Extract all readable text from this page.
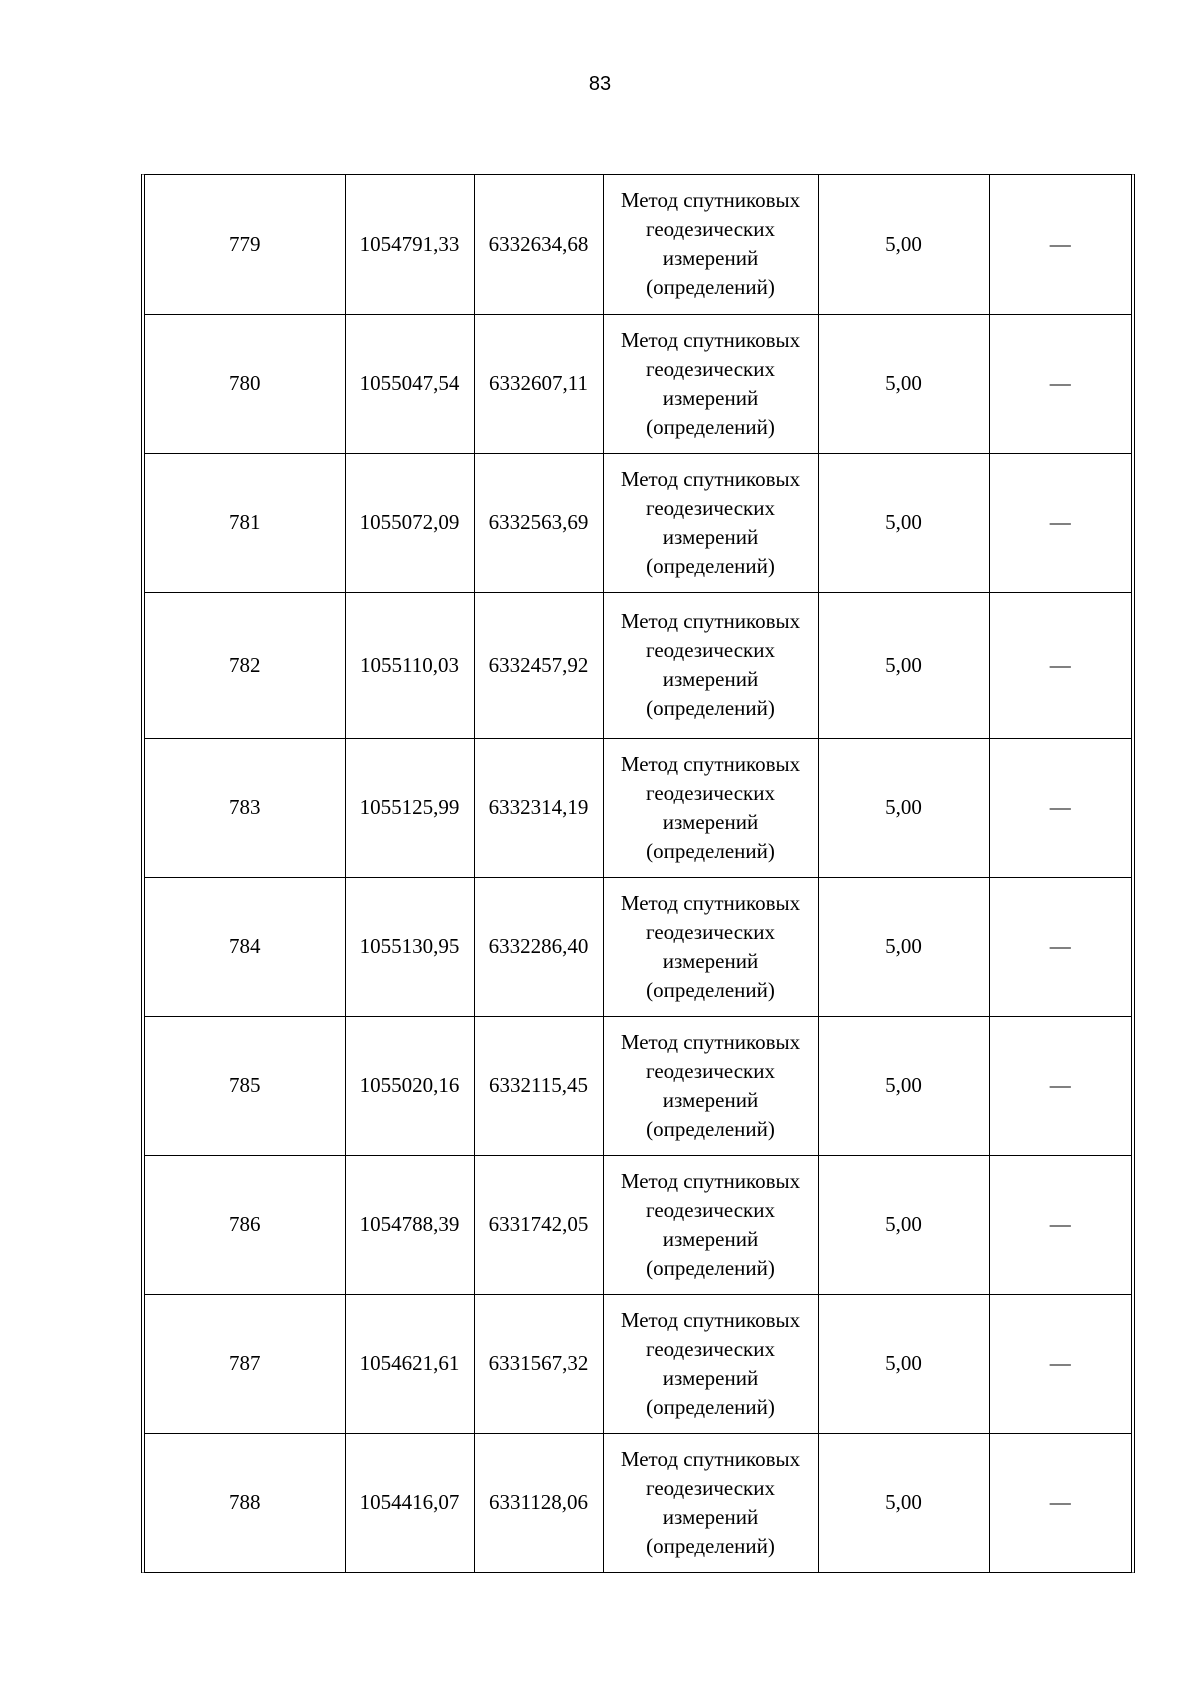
83
779	1054791,33	6332634,68	Метод спутниковых геодезических измерений (определений)	5,00	—
780	1055047,54	6332607,11	Метод спутниковых геодезических измерений (определений)	5,00	—
781	1055072,09	6332563,69	Метод спутниковых геодезических измерений (определений)	5,00	—
782	1055110,03	6332457,92	Метод спутниковых геодезических измерений (определений)	5,00	—
783	1055125,99	6332314,19	Метод спутниковых геодезических измерений (определений)	5,00	—
784	1055130,95	6332286,40	Метод спутниковых геодезических измерений (определений)	5,00	—
785	1055020,16	6332115,45	Метод спутниковых геодезических измерений (определений)	5,00	—
786	1054788,39	6331742,05	Метод спутниковых геодезических измерений (определений)	5,00	—
787	1054621,61	6331567,32	Метод спутниковых геодезических измерений (определений)	5,00	—
788	1054416,07	6331128,06	Метод спутниковых геодезических измерений (определений)	5,00	—
